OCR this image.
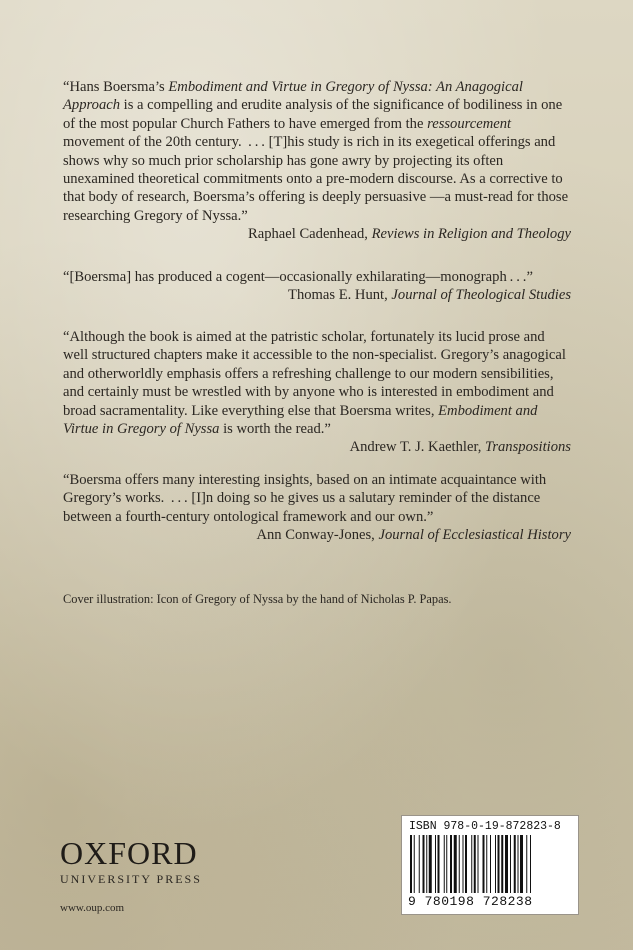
“Hans Boersma’s Embodiment and Virtue in Gregory of Nyssa: An Anagogical Approach is a compelling and erudite analysis of the significance of bodiliness in one of the most popular Church Fathers to have emerged from the ressourcement movement of the 20th century.  . . . [T]his study is rich in its exegetical offerings and shows why so much prior scholarship has gone awry by projecting its often unexamined theoretical commitments onto a pre-modern discourse. As a corrective to that body of research, Boersma’s offering is deeply persuasive —a must-read for those researching Gregory of Nyssa.”

Raphael Cadenhead, Reviews in Religion and Theology

“[Boersma] has produced a cogent—occasionally exhilarating—monograph . . .”

Thomas E. Hunt, Journal of Theological Studies

“Although the book is aimed at the patristic scholar, fortunately its lucid prose and well structured chapters make it accessible to the non-specialist. Gregory’s anagogical and otherworldly emphasis offers a refreshing challenge to our modern sensibilities, and certainly must be wrestled with by anyone who is interested in embodiment and broad sacramentality. Like everything else that Boersma writes, Embodiment and Virtue in Gregory of Nyssa is worth the read.”

Andrew T. J. Kaethler, Transpositions

“Boersma offers many interesting insights, based on an intimate acquaintance with Gregory’s works.  . . . [I]n doing so he gives us a salutary reminder of the distance between a fourth-century ontological framework and our own.”

Ann Conway-Jones, Journal of Ecclesiastical History

Cover illustration: Icon of Gregory of Nyssa by the hand of Nicholas P. Papas.
OXFORD
UNIVERSITY PRESS
www.oup.com
ISBN 978-0-19-872823-8
9 780198 728238
